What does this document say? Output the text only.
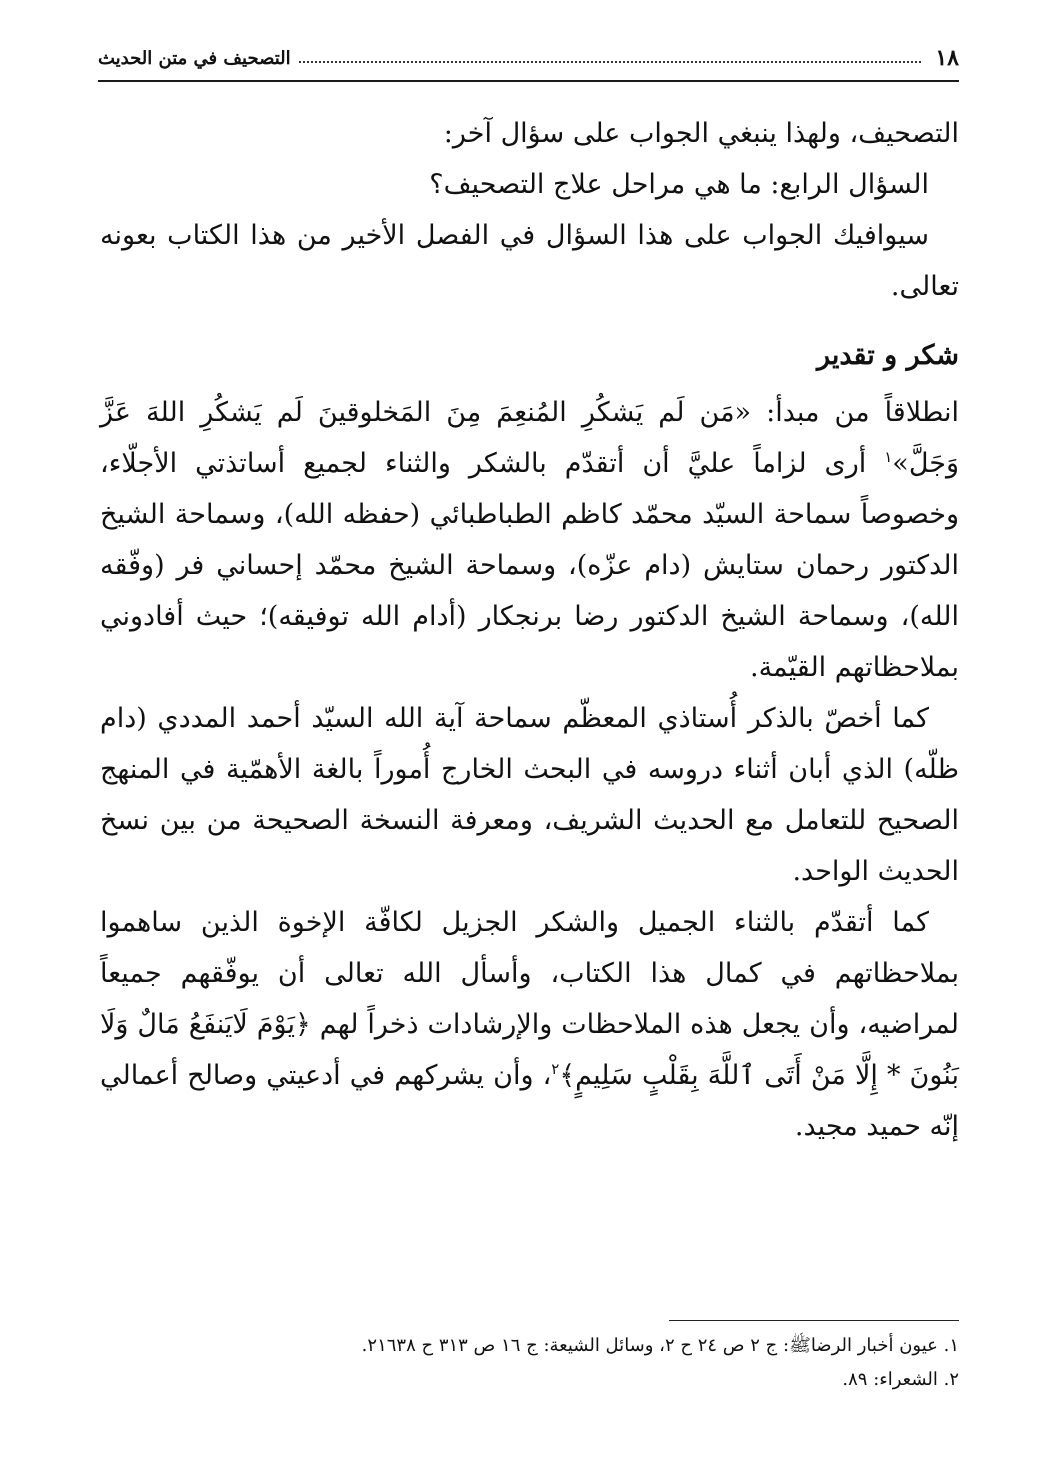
١٨
التصحيف في متن الحديث

التصحيف، ولهذا ينبغي الجواب على سؤال آخر:

السؤال الرابع: ما هي مراحل علاج التصحيف؟

سيوافيك الجواب على هذا السؤال في الفصل الأخير من هذا الكتاب بعونه تعالى.

شكر و تقدير

انطلاقاً من مبدأ: «مَن لَم يَشكُرِ المُنعِمَ مِنَ المَخلوقينَ لَم يَشكُرِ اللهَ عَزَّ وَجَلَّ»$^١$ أرى لزاماً عليَّ أن أتقدّم بالشكر والثناء لجميع أساتذتي الأجلّاء، وخصوصاً سماحة السيّد محمّد كاظم الطباطبائي (حفظه الله)، وسماحة الشيخ الدكتور رحمان ستايش (دام عزّه)، وسماحة الشيخ محمّد إحساني فر (وفّقه الله)، وسماحة الشيخ الدكتور رضا برنجكار (أدام الله توفيقه)؛ حيث أفادوني بملاحظاتهم القيّمة.

كما أخصّ بالذكر أُستاذي المعظّم سماحة آية الله السيّد أحمد المددي (دام ظلّه) الذي أبان أثناء دروسه في البحث الخارج أُموراً بالغة الأهمّية في المنهج الصحيح للتعامل مع الحديث الشريف، ومعرفة النسخة الصحيحة من بين نسخ الحديث الواحد.

كما أتقدّم بالثناء الجميل والشكر الجزيل لكافّة الإخوة الذين ساهموا بملاحظاتهم في كمال هذا الكتاب، وأسأل الله تعالى أن يوفّقهم جميعاً لمراضيه، وأن يجعل هذه الملاحظات والإرشادات ذخراً لهم ﴿يَوْمَ لَايَنفَعُ مَالٌ وَلَا بَنُونَ * إِلَّا مَنْ أَتَى ٱللَّهَ بِقَلْبٍ سَلِيمٍ﴾$^٢$، وأن يشركهم في أدعيتي وصالح أعمالي إنّه حميد مجيد.

١. عيون أخبار الرضاﷺ: ج ٢ ص ٢٤ ح ٢، وسائل الشيعة: ج ١٦ ص ٣١٣ ح ٢١٦٣٨.

٢. الشعراء: ٨٩.
